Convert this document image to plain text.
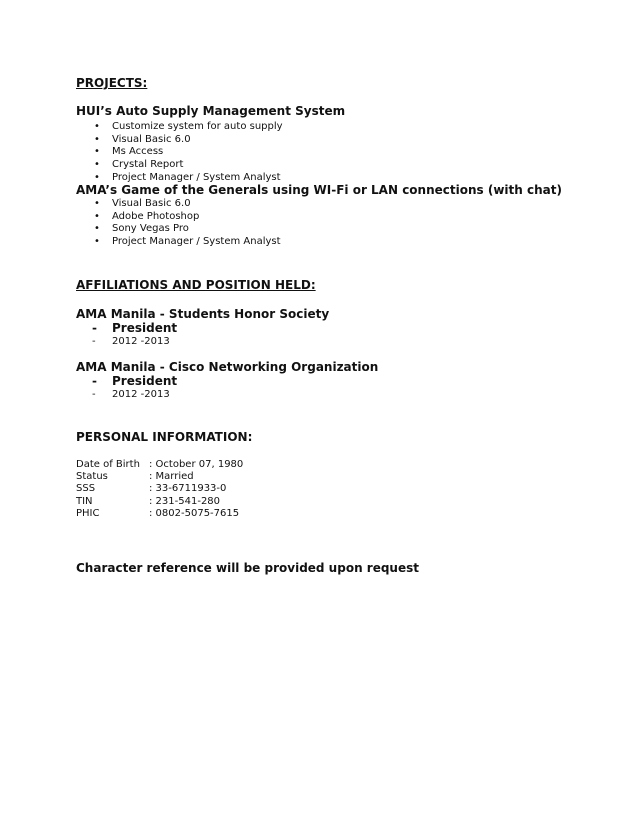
PROJECTS:

HUI’s Auto Supply Management System

• Customize system for auto supply
• Visual Basic 6.0
• Ms Access
• Crystal Report
• Project Manager / System Analyst

AMA’s Game of the Generals using WI-Fi or LAN connections (with chat)

• Visual Basic 6.0
• Adobe Photoshop
• Sony Vegas Pro
• Project Manager / System Analyst

AFFILIATIONS AND POSITION HELD:

AMA Manila - Students Honor Society

- President

- 2012 -2013

AMA Manila - Cisco Networking Organization

- President

- 2012 -2013

PERSONAL INFORMATION:

Date of Birth	: October 07, 1980
Status	: Married
SSS	: 33-6711933-0
TIN	: 231-541-280
PHIC	: 0802-5075-7615

Character reference will be provided upon request
